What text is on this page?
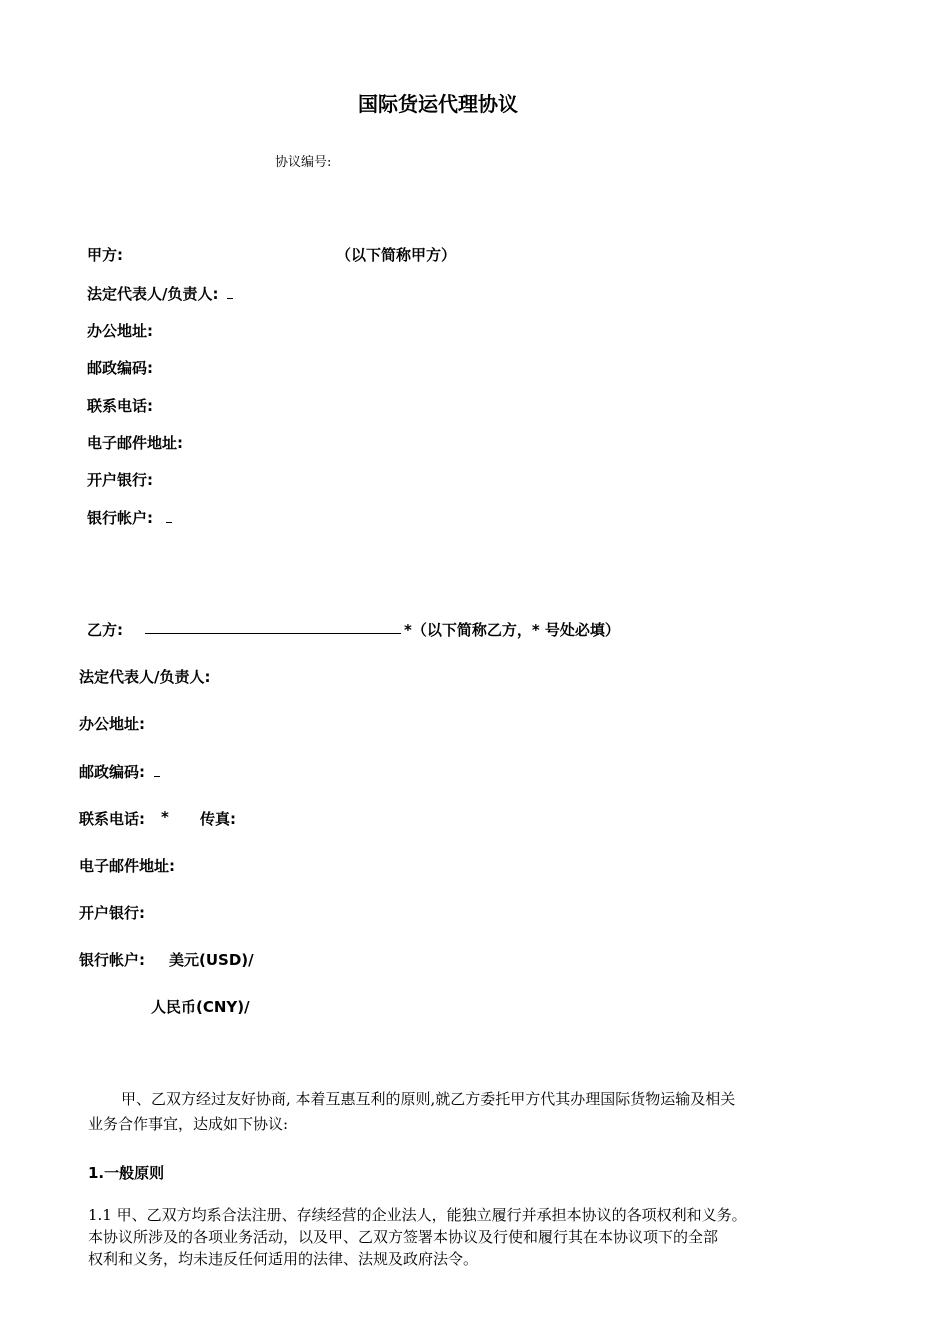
国际货运代理协议
协议编号:
甲方:	（以下简称甲方）
法定代表人/负责人:
办公地址:
邮政编码:
联系电话:
电子邮件地址:
开户银行:
银行帐户:
乙方:	*（以下简称乙方，* 号处必填）
法定代表人/负责人:
办公地址:
邮政编码:
联系电话: * 传真:
电子邮件地址:
开户银行:
银行帐户: 美元(USD)/
人民币(CNY)/
甲、乙双方经过友好协商, 本着互惠互利的原则,就乙方委托甲方代其办理国际货物运输及相关
业务合作事宜，达成如下协议:
1.一般原则
1.1 甲、乙双方均系合法注册、存续经营的企业法人，能独立履行并承担本协议的各项权利和义务。
本协议所涉及的各项业务活动，以及甲、乙双方签署本协议及行使和履行其在本协议项下的全部
权利和义务，均未违反任何适用的法律、法规及政府法令。
